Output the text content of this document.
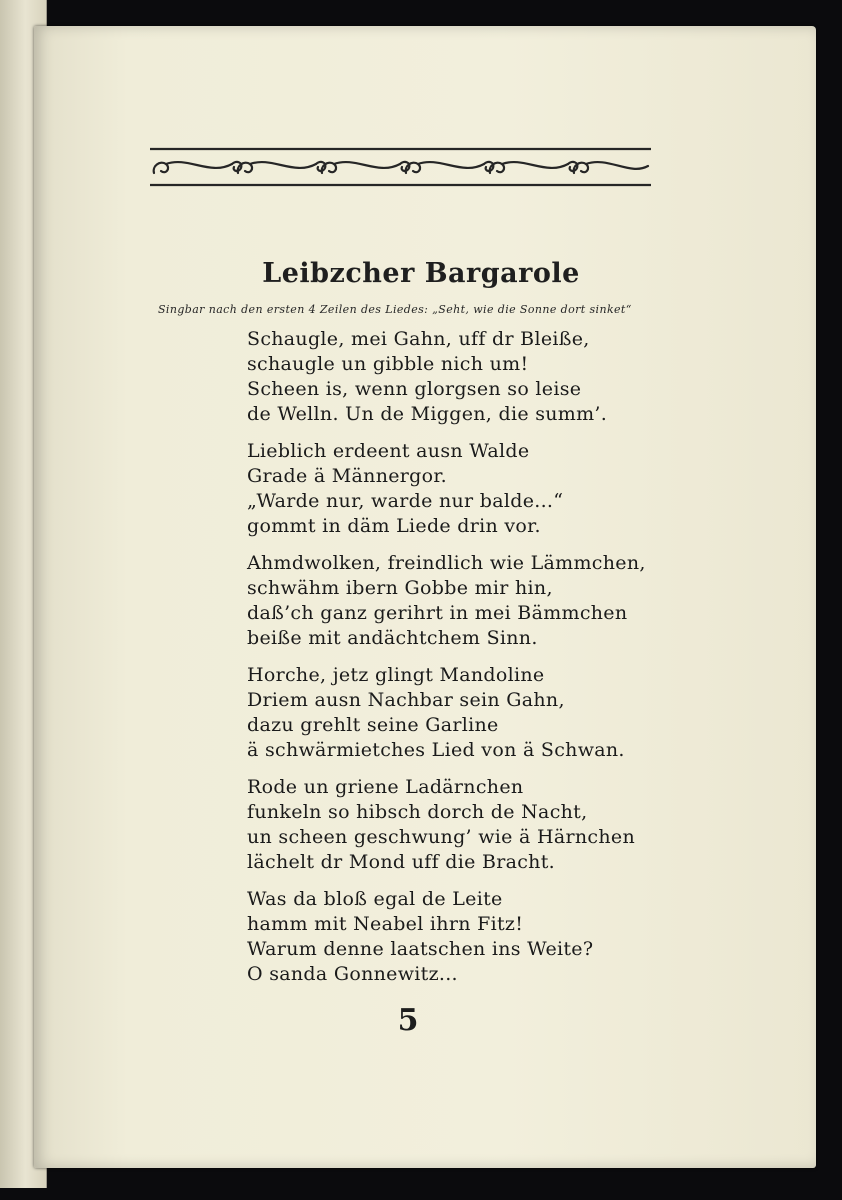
Leibzcher Bargarole
Singbar nach den ersten 4 Zeilen des Liedes: „Seht, wie die Sonne dort sinket“
Schaugle, mei Gahn, uff dr Bleiße,
schaugle un gibble nich um!
Scheen is, wenn glorgsen so leise
de Welln. Un de Miggen, die summ’.
Lieblich erdeent ausn Walde
Grade ä Männergor.
„Warde nur, warde nur balde...“
gommt in däm Liede drin vor.
Ahmdwolken, freindlich wie Lämmchen,
schwähm ibern Gobbe mir hin,
daß’ch ganz gerihrt in mei Bämmchen
beiße mit andächtchem Sinn.
Horche, jetz glingt Mandoline
Driem ausn Nachbar sein Gahn,
dazu grehlt seine Garline
ä schwärmietches Lied von ä Schwan.
Rode un griene Ladärnchen
funkeln so hibsch dorch de Nacht,
un scheen geschwung’ wie ä Härnchen
lächelt dr Mond uff die Bracht.
Was da bloß egal de Leite
hamm mit Neabel ihrn Fitz!
Warum denne laatschen ins Weite?
O sanda Gonnewitz...
5
